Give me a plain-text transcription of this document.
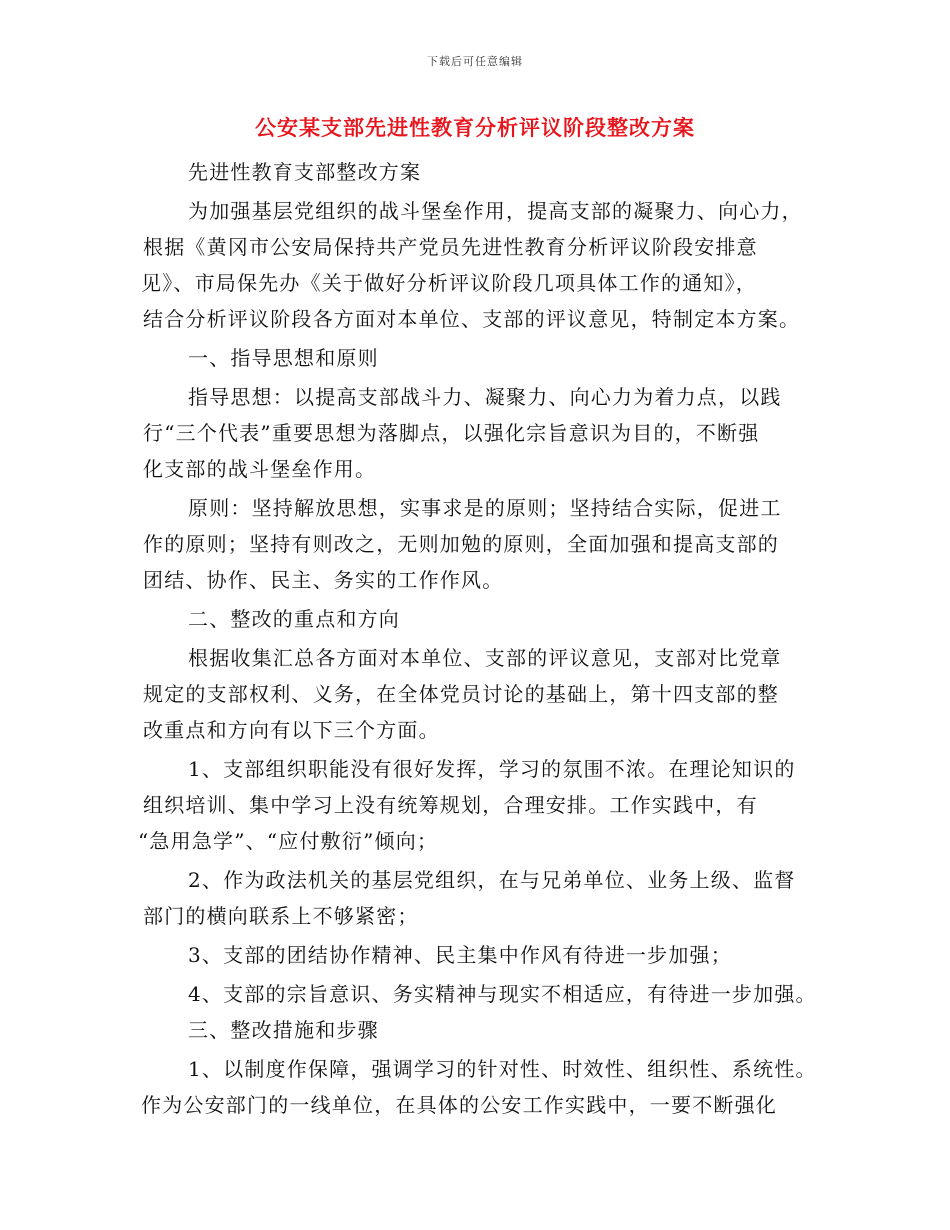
下载后可任意编辑
公安某支部先进性教育分析评议阶段整改方案
先进性教育支部整改方案
为加强基层党组织的战斗堡垒作用，提高支部的凝聚力、向心力，
根据《黄冈市公安局保持共产党员先进性教育分析评议阶段安排意
见》、市局保先办《关于做好分析评议阶段几项具体工作的通知》，
结合分析评议阶段各方面对本单位、支部的评议意见，特制定本方案。
一、指导思想和原则
指导思想：以提高支部战斗力、凝聚力、向心力为着力点，以践
行“三个代表”重要思想为落脚点，以强化宗旨意识为目的，不断强
化支部的战斗堡垒作用。
原则：坚持解放思想，实事求是的原则；坚持结合实际，促进工
作的原则；坚持有则改之，无则加勉的原则，全面加强和提高支部的
团结、协作、民主、务实的工作作风。
二、整改的重点和方向
根据收集汇总各方面对本单位、支部的评议意见，支部对比党章
规定的支部权利、义务，在全体党员讨论的基础上，第十四支部的整
改重点和方向有以下三个方面。
1、支部组织职能没有很好发挥，学习的氛围不浓。在理论知识的
组织培训、集中学习上没有统筹规划，合理安排。工作实践中，有
“急用急学”、“应付敷衍”倾向；
2、作为政法机关的基层党组织，在与兄弟单位、业务上级、监督
部门的横向联系上不够紧密；
3、支部的团结协作精神、民主集中作风有待进一步加强；
4、支部的宗旨意识、务实精神与现实不相适应，有待进一步加强。
三、整改措施和步骤
1、以制度作保障，强调学习的针对性、时效性、组织性、系统性。
作为公安部门的一线单位，在具体的公安工作实践中，一要不断强化
